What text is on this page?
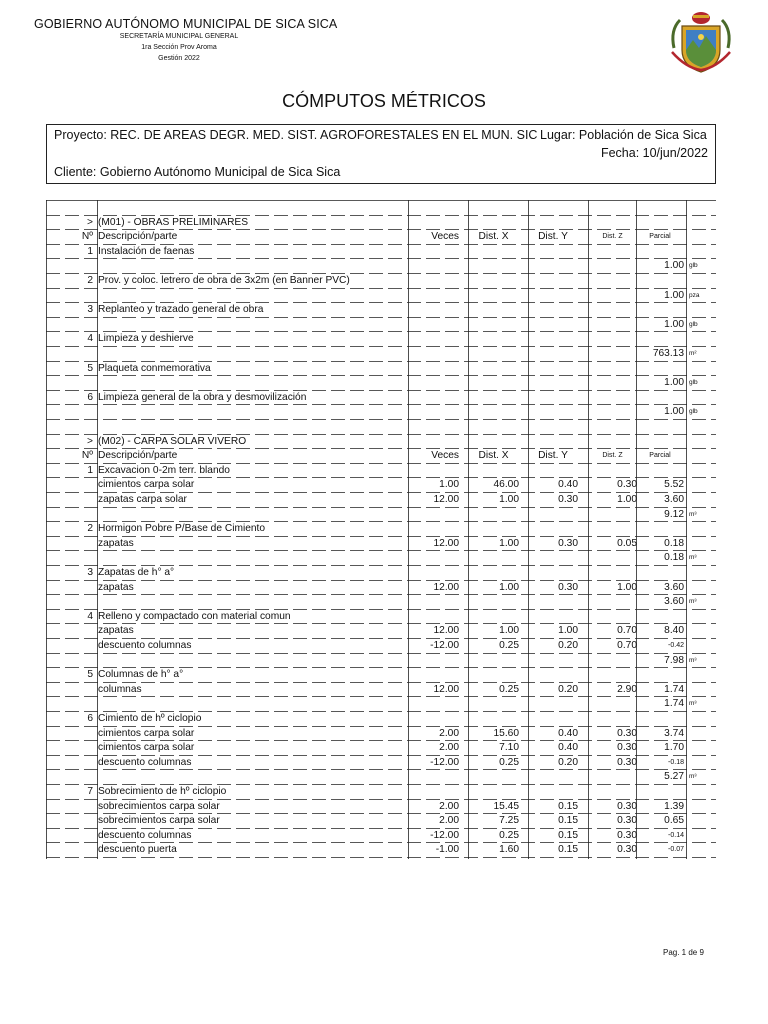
GOBIERNO AUTÓNOMO MUNICIPAL DE SICA SICA
SECRETARÍA MUNICIPAL GENERAL
1ra Sección Prov Aroma
Gestión 2022
CÓMPUTOS MÉTRICOS
Proyecto: REC. DE AREAS DEGR. MED. SIST. AGROFORESTALES EN EL MUN. SIC Lugar: Población de Sica Sica
Fecha: 10/jun/2022
Cliente: Gobierno Autónomo Municipal de Sica Sica
> (M01) - OBRAS PRELIMINARES
Nº Descripción/parte	Veces	Dist. X	Dist. Y	Dist. Z	Parcial
1 Instalación de faenas
1.00 glb
2 Prov. y coloc. letrero de obra de 3x2m (en Banner PVC)
1.00 pza
3 Replanteo y trazado general de obra
1.00 glb
4 Limpieza y deshierve
763.13 m²
5 Plaqueta conmemorativa
1.00 glb
6 Limpieza general de la obra y desmovilización
1.00 glb
> (M02) - CARPA SOLAR VIVERO
Nº Descripción/parte	Veces	Dist. X	Dist. Y	Dist. Z	Parcial
1 Excavacion 0-2m terr. blando
cimientos carpa solar	1.00	46.00	0.40	0.30	5.52
zapatas carpa solar	12.00	1.00	0.30	1.00	3.60
9.12 m³
2 Hormigon Pobre P/Base de Cimiento
zapatas	12.00	1.00	0.30	0.05	0.18
0.18 m³
3 Zapatas de h° a°
zapatas	12.00	1.00	0.30	1.00	3.60
3.60 m³
4 Relleno y compactado con material comun
zapatas	12.00	1.00	1.00	0.70	8.40
descuento columnas	-12.00	0.25	0.20	0.70	-0.42
7.98 m³
5 Columnas de h° a°
columnas	12.00	0.25	0.20	2.90	1.74
1.74 m³
6 Cimiento de hº ciclopio
cimientos carpa solar	2.00	15.60	0.40	0.30	3.74
cimientos carpa solar	2.00	7.10	0.40	0.30	1.70
descuento columnas	-12.00	0.25	0.20	0.30	-0.18
5.27 m³
7 Sobrecimiento de hº ciclopio
sobrecimientos carpa solar	2.00	15.45	0.15	0.30	1.39
sobrecimientos carpa solar	2.00	7.25	0.15	0.30	0.65
descuento columnas	-12.00	0.25	0.15	0.30	-0.14
descuento puerta	-1.00	1.60	0.15	0.30	-0.07
Pag. 1 de 9
